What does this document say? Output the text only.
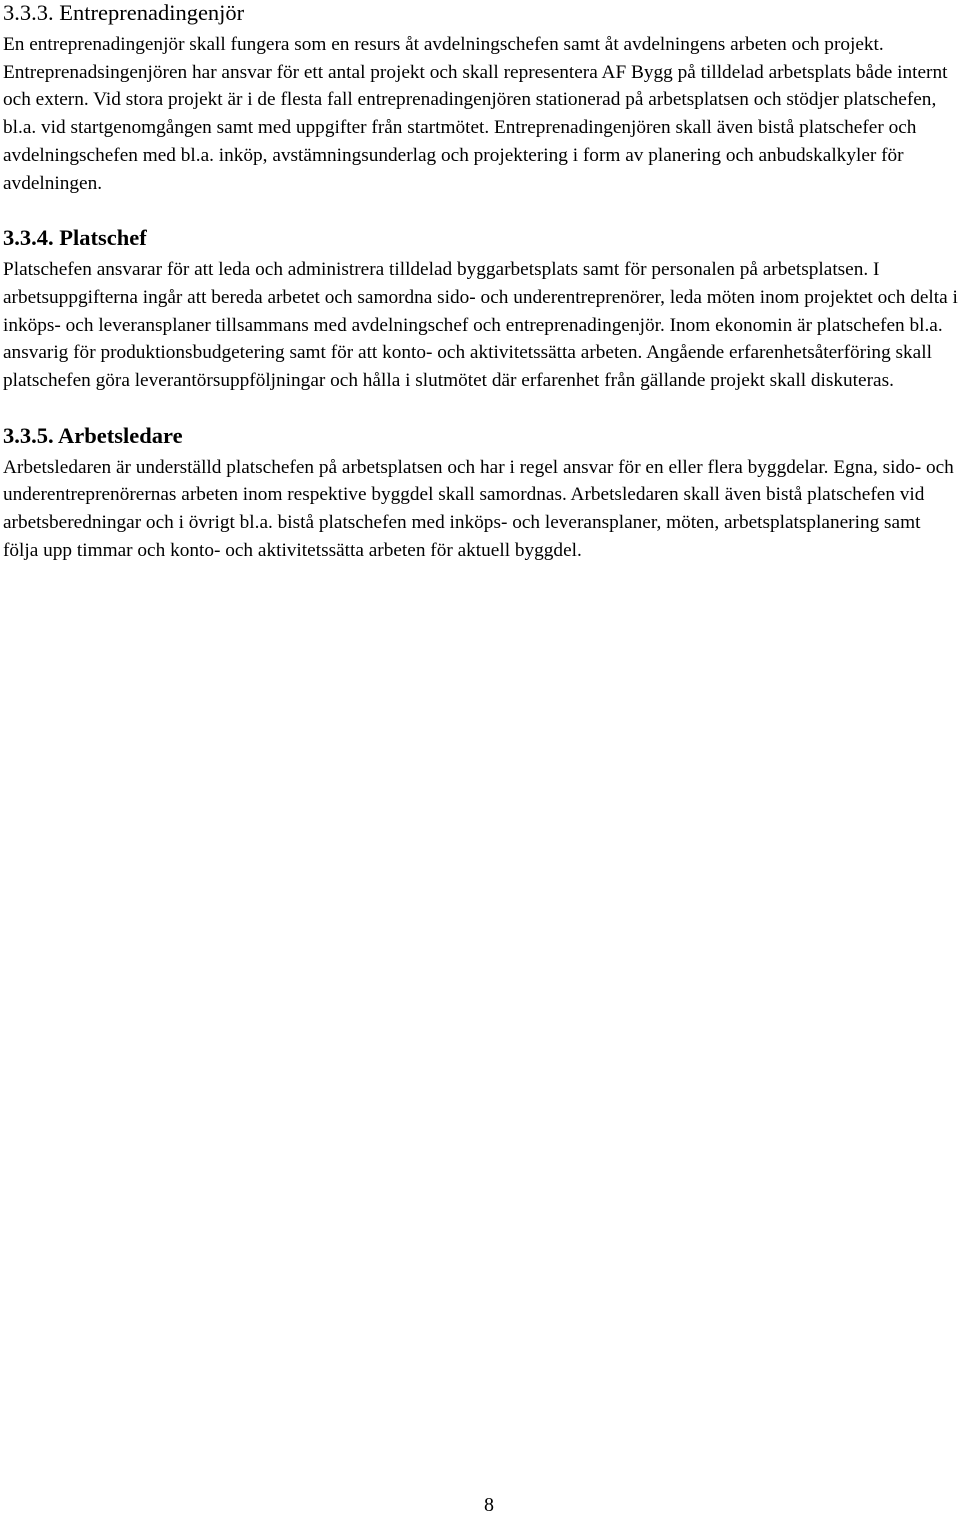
3.3.3. Entreprenadingenjör

En entreprenadingenjör skall fungera som en resurs åt avdelningschefen samt åt avdelningens arbeten och projekt. Entreprenadsingenjören har ansvar för ett antal projekt och skall representera AF Bygg på tilldelad arbetsplats både internt och extern. Vid stora projekt är i de flesta fall entreprenadingenjören stationerad på arbetsplatsen och stödjer platschefen, bl.a. vid startgenomgången samt med uppgifter från startmötet. Entreprenadingenjören skall även bistå platschefer och avdelningschefen med bl.a. inköp, avstämningsunderlag och projektering i form av planering och anbudskalkyler för avdelningen.

3.3.4. Platschef

Platschefen ansvarar för att leda och administrera tilldelad byggarbetsplats samt för personalen på arbetsplatsen. I arbetsuppgifterna ingår att bereda arbetet och samordna sido- och underentreprenörer, leda möten inom projektet och delta i inköps- och leveransplaner tillsammans med avdelningschef och entreprenadingenjör. Inom ekonomin är platschefen bl.a. ansvarig för produktionsbudgetering samt för att konto- och aktivitetssätta arbeten. Angående erfarenhetsåterföring skall platschefen göra leverantörsuppföljningar och hålla i slutmötet där erfarenhet från gällande projekt skall diskuteras.

3.3.5. Arbetsledare

Arbetsledaren är underställd platschefen på arbetsplatsen och har i regel ansvar för en eller flera byggdelar. Egna, sido- och underentreprenörernas arbeten inom respektive byggdel skall samordnas. Arbetsledaren skall även bistå platschefen vid arbetsberedningar och i övrigt bl.a. bistå platschefen med inköps- och leveransplaner, möten, arbetsplatsplanering samt följa upp timmar och konto- och aktivitetssätta arbeten för aktuell byggdel.

8
